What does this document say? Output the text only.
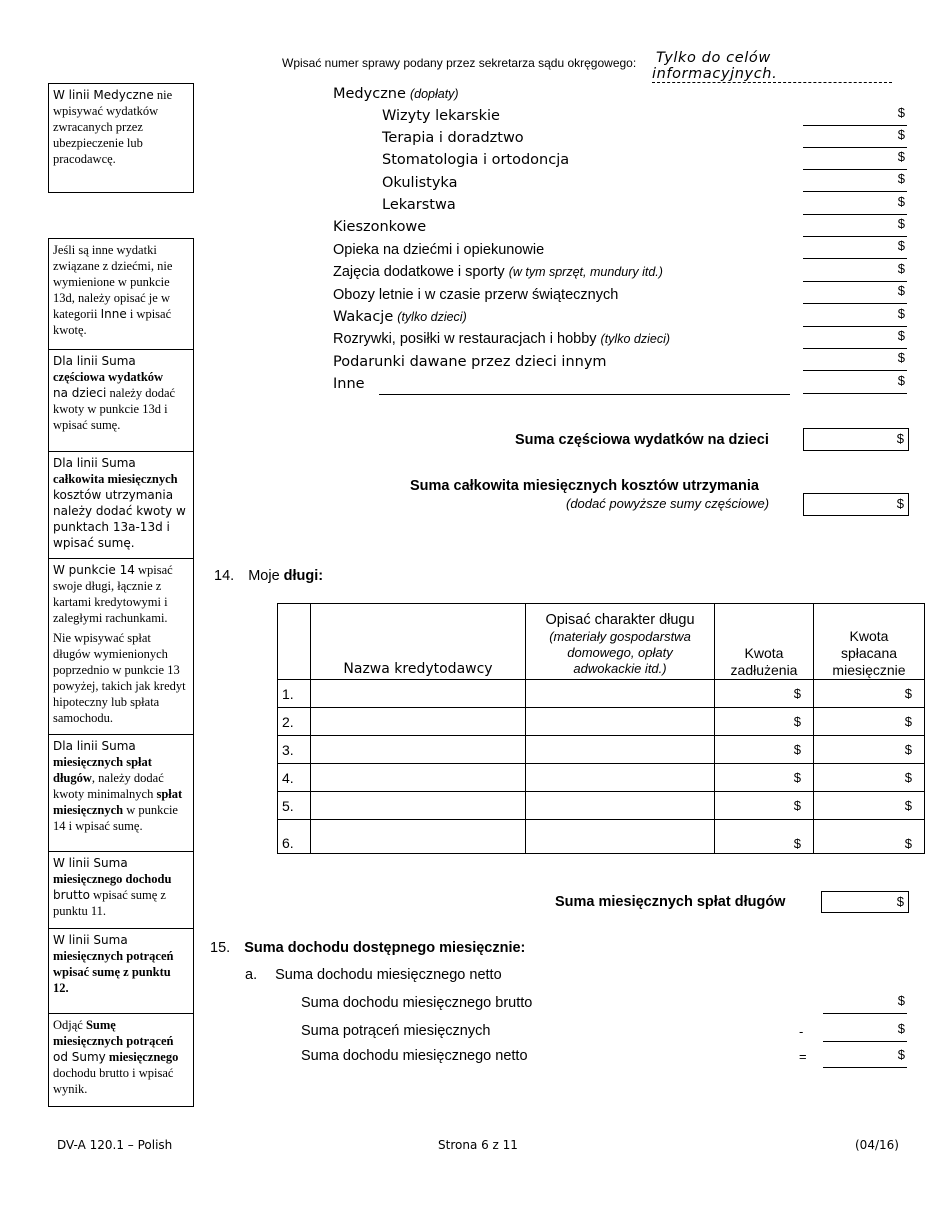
Wpisać numer sprawy podany przez sekretarza sądu okręgowego: Tylko do celów informacyjnych.
W linii Medyczne nie wpisywać wydatków zwracanych przez ubezpieczenie lub pracodawcę.
Jeśli są inne wydatki związane z dziećmi, nie wymienione w punkcie 13d, należy opisać je w kategorii Inne i wpisać kwotę.
Dla linii Suma
częściowa wydatków
na dzieci należy dodać kwoty w punkcie 13d i wpisać sumę.
Dla linii Suma
całkowita miesięcznych kosztów utrzymania należy dodać kwoty w punktach 13a-13d i wpisać sumę.
W punkcie 14 wpisać swoje długi, łącznie z kartami kredytowymi i zaległymi rachunkami.
Nie wpisywać spłat długów wymienionych poprzednio w punkcie 13 powyżej, takich jak kredyt hipoteczny lub spłata samochodu.
Dla linii Suma
miesięcznych spłat długów, należy dodać kwoty minimalnych spłat miesięcznych w punkcie 14 i wpisać sumę.
W linii Suma
miesięcznego dochodu
brutto wpisać sumę z punktu 11.
W linii Suma
miesięcznych potrąceń
wpisać sumę z punktu 12.
Odjąć Sumę miesięcznych potrąceń od Sumy miesięcznego dochodu brutto i wpisać wynik.
Medyczne (dopłaty)
Wizyty lekarskie	$
Terapia i doradztwo	$
Stomatologia i ortodoncja	$
Okulistyka	$
Lekarstwa	$
Kieszonkowe	$
Opieka na dziećmi i opiekunowie	$
Zajęcia dodatkowe i sporty (w tym sprzęt, mundury itd.)	$
Obozy letnie i w czasie przerw świątecznych	$
Wakacje (tylko dzieci)	$
Rozrywki, posiłki w restauracjach i hobby (tylko dzieci)	$
Podarunki dawane przez dzieci innym	$
Inne	$
Suma częściowa wydatków na dzieci	$
Suma całkowita miesięcznych kosztów utrzymania
(dodać powyższe sumy częściowe)	$
14. Moje długi:
	Nazwa kredytodawcy	Opisać charakter długu
(materiały gospodarstwa domowego, opłaty adwokackie itd.)	Kwota zadłużenia	Kwota spłacana miesięcznie
1.			$	$
2.			$	$
3.			$	$
4.			$	$
5.			$	$
6.			$	$
Suma miesięcznych spłat długów	$
15. Suma dochodu dostępnego miesięcznie:
a. Suma dochodu miesięcznego netto
Suma dochodu miesięcznego brutto	$
Suma potrąceń miesięcznych	-	$
Suma dochodu miesięcznego netto	=	$
DV-A 120.1 – Polish	Strona 6 z 11	(04/16)
